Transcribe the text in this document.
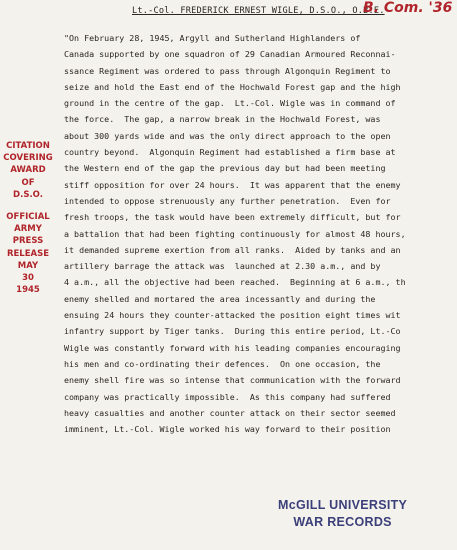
Lt.-Col. FREDERICK ERNEST WIGLE, D.S.O., O.B.E.
B. Com. '36
"On February 28, 1945, Argyll and Sutherland Highlanders of
Canada supported by one squadron of 29 Canadian Armoured Reconnai-
ssance Regiment was ordered to pass through Algonquin Regiment to
seize and hold the East end of the Hochwald Forest gap and the high
ground in the centre of the gap.  Lt.-Col. Wigle was in command of
the force.  The gap, a narrow break in the Hochwald Forest, was
about 300 yards wide and was the only direct approach to the open
country beyond.  Algonquin Regiment had established a firm base at
the Western end of the gap the previous day but had been meeting
stiff opposition for over 24 hours.  It was apparent that the enemy
intended to oppose strenuously any further penetration.  Even for
fresh troops, the task would have been extremely difficult, but for
a battalion that had been fighting continuously for almost 48 hours,
it demanded supreme exertion from all ranks.  Aided by tanks and an
artillery barrage the attack was  launched at 2.30 a.m., and by
4 a.m., all the objective had been reached.  Beginning at 6 a.m., th
enemy shelled and mortared the area incessantly and during the
ensuing 24 hours they counter-attacked the position eight times wit
infantry support by Tiger tanks.  During this entire period, Lt.-Co
Wigle was constantly forward with his leading companies encouraging
his men and co-ordinating their defences.  On one occasion, the
enemy shell fire was so intense that communication with the forward
company was practically impossible.  As this company had suffered
heavy casualties and another counter attack on their sector seemed
imminent, Lt.-Col. Wigle worked his way forward to their position
CITATION
COVERING
AWARD
OF
D.S.O.
OFFICIAL
ARMY
PRESS
RELEASE
MAY
30
1945
McGILL UNIVERSITY
WAR RECORDS
